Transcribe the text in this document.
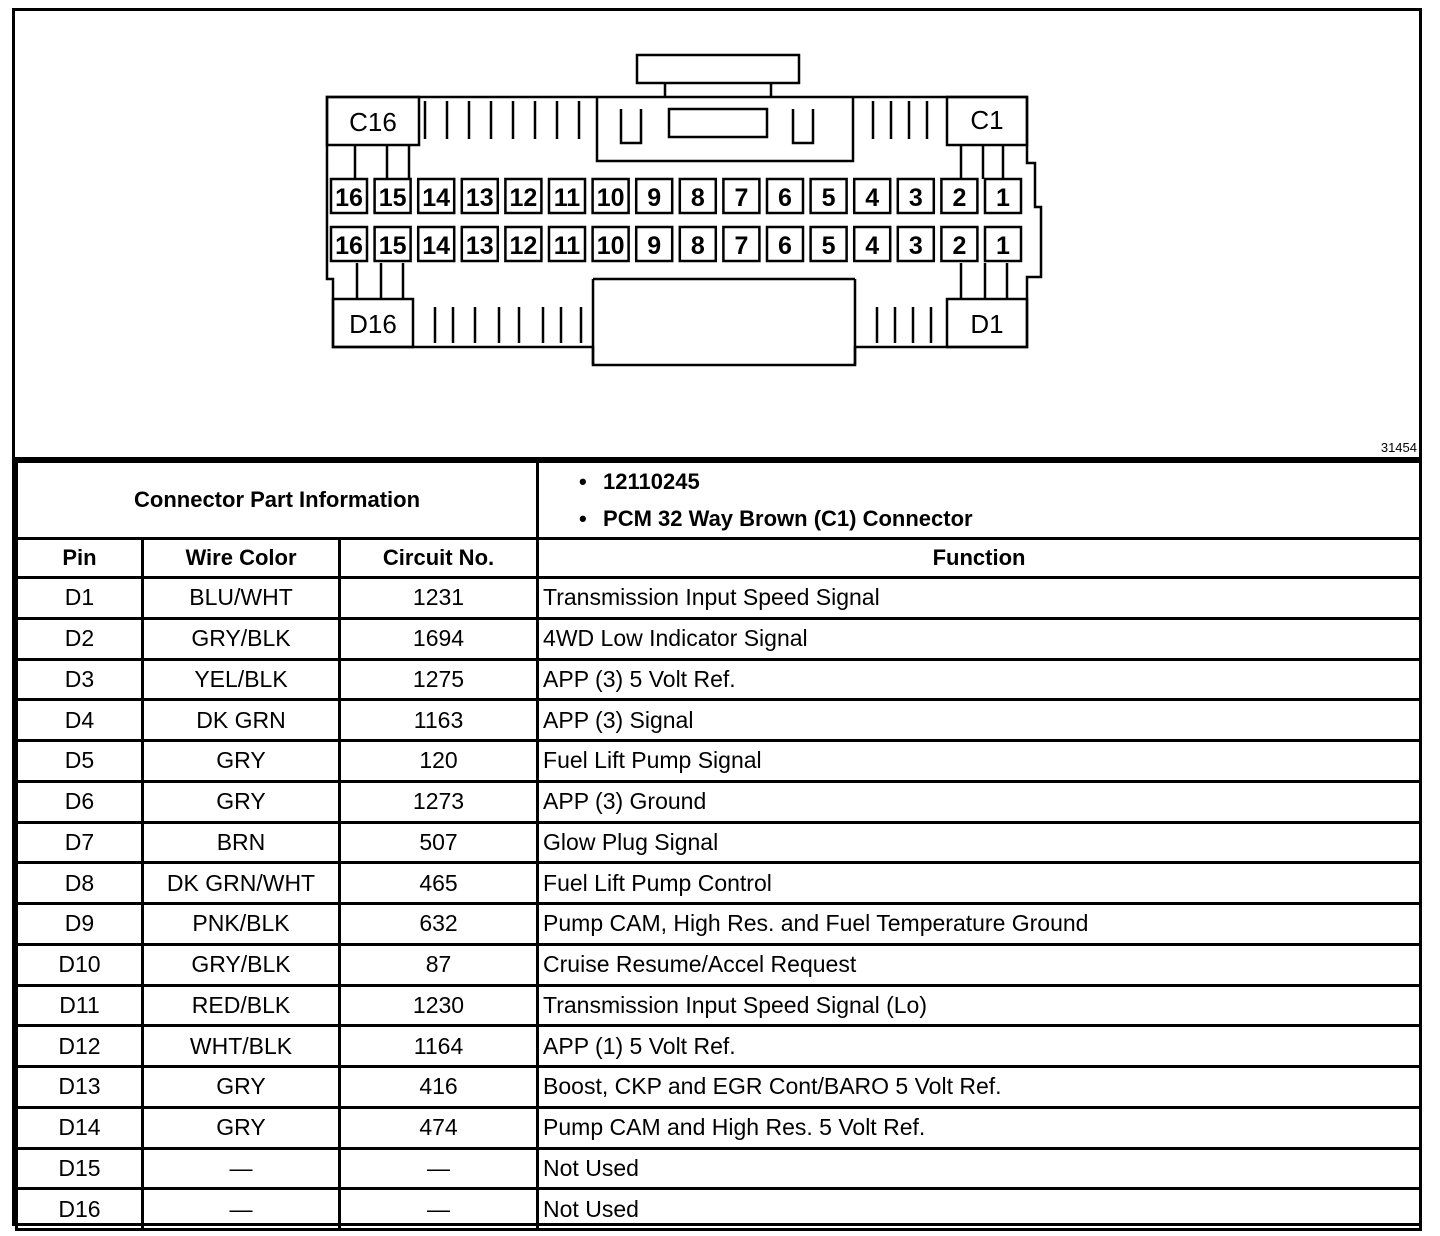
16 15 14 13 12 11 10 9 8 7 6 5 4 3 2 1
16 15 14 13 12 11 10 9 8 7 6 5 4 3 2 1
C16	C1
D16	D1
31454
Connector Part Information			• 12110245
• PCM 32 Way Brown (C1) Connector

Pin	Wire Color	Circuit No.	Function
D1	BLU/WHT	1231	Transmission Input Speed Signal
D2	GRY/BLK	1694	4WD Low Indicator Signal
D3	YEL/BLK	1275	APP (3) 5 Volt Ref.
D4	DK GRN	1163	APP (3) Signal
D5	GRY	120	Fuel Lift Pump Signal
D6	GRY	1273	APP (3) Ground
D7	BRN	507	Glow Plug Signal
D8	DK GRN/WHT	465	Fuel Lift Pump Control
D9	PNK/BLK	632	Pump CAM, High Res. and Fuel Temperature Ground
D10	GRY/BLK	87	Cruise Resume/Accel Request
D11	RED/BLK	1230	Transmission Input Speed Signal (Lo)
D12	WHT/BLK	1164	APP (1) 5 Volt Ref.
D13	GRY	416	Boost, CKP and EGR Cont/BARO 5 Volt Ref.
D14	GRY	474	Pump CAM and High Res. 5 Volt Ref.
D15	—	—	Not Used
D16	—	—	Not Used
